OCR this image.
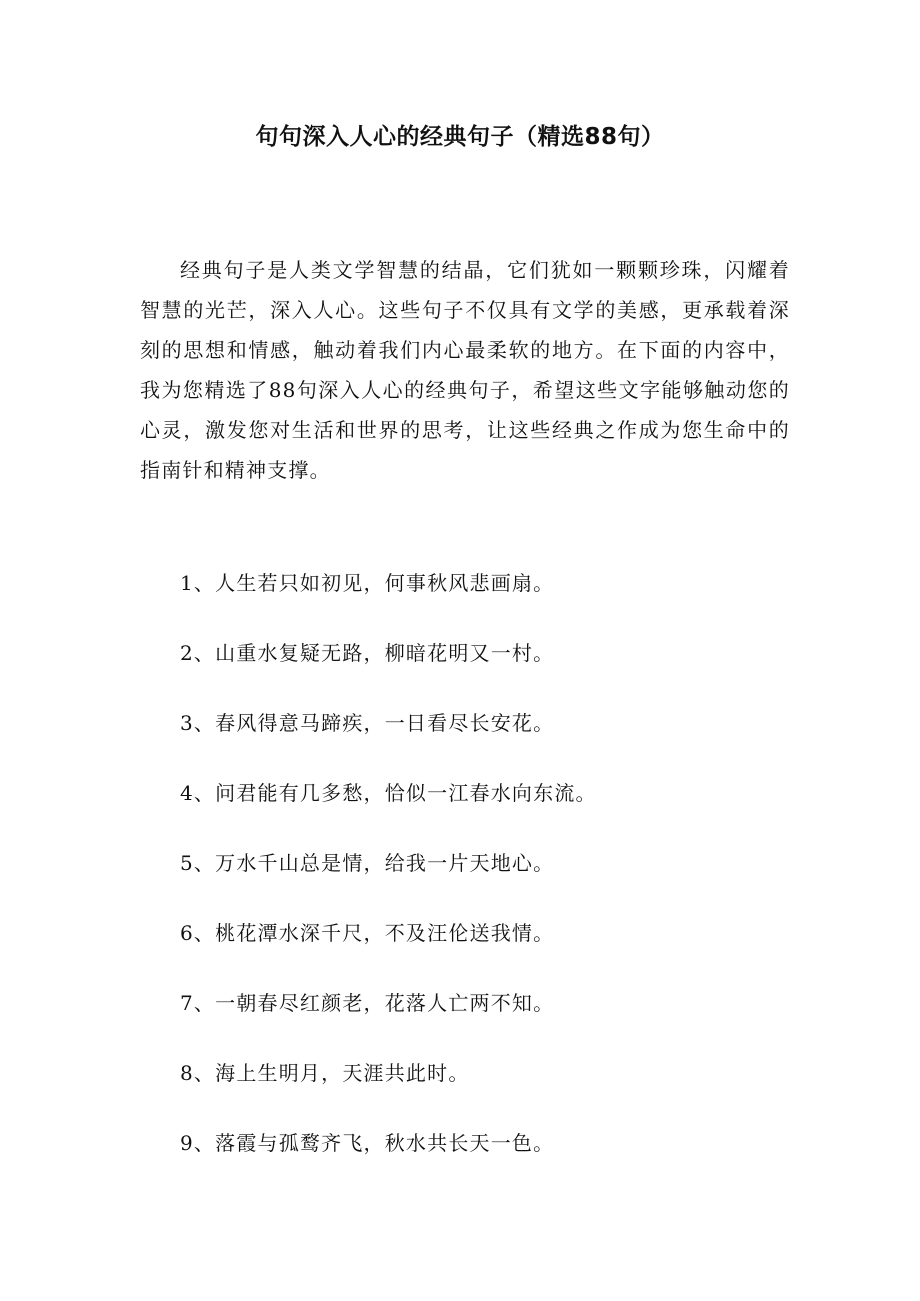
句句深入人心的经典句子（精选88句）

经典句子是人类文学智慧的结晶，它们犹如一颗颗珍珠，闪耀着智慧的光芒，深入人心。这些句子不仅具有文学的美感，更承载着深刻的思想和情感，触动着我们内心最柔软的地方。在下面的内容中，我为您精选了88句深入人心的经典句子，希望这些文字能够触动您的心灵，激发您对生活和世界的思考，让这些经典之作成为您生命中的指南针和精神支撑。

1、人生若只如初见，何事秋风悲画扇。
2、山重水复疑无路，柳暗花明又一村。
3、春风得意马蹄疾，一日看尽长安花。
4、问君能有几多愁，恰似一江春水向东流。
5、万水千山总是情，给我一片天地心。
6、桃花潭水深千尺，不及汪伦送我情。
7、一朝春尽红颜老，花落人亡两不知。
8、海上生明月，天涯共此时。
9、落霞与孤鹜齐飞，秋水共长天一色。
